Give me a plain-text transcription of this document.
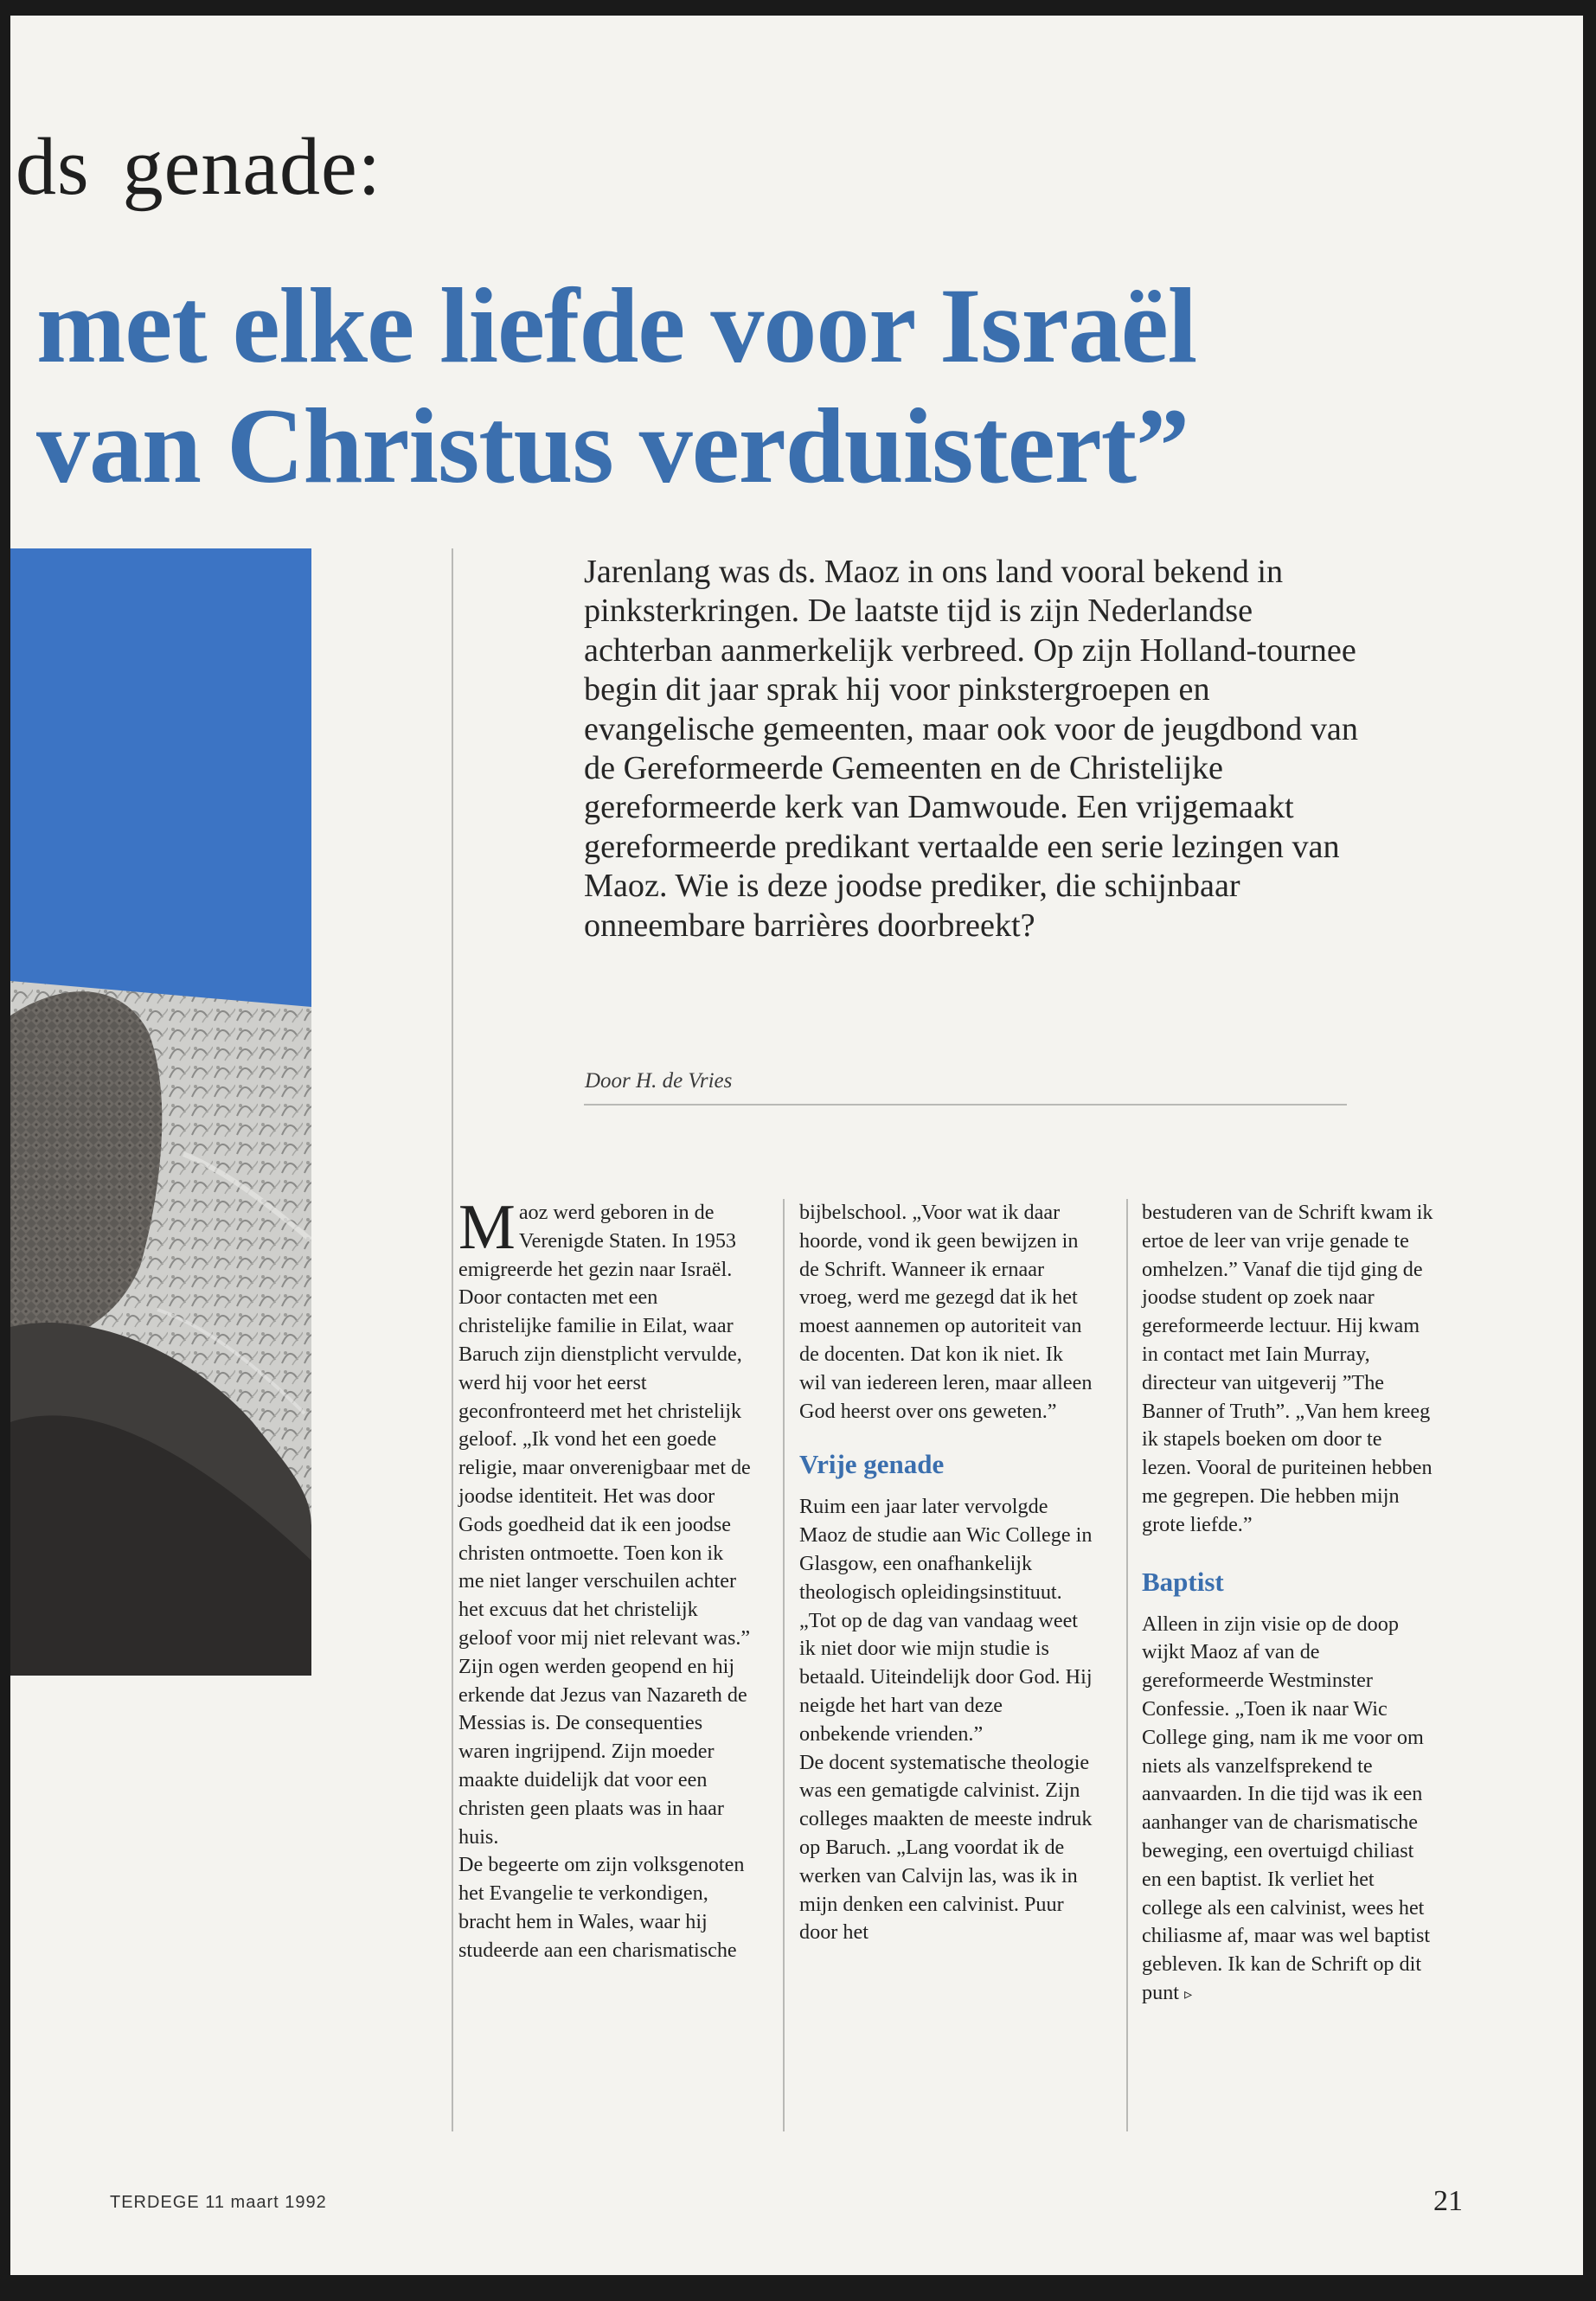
ds genade:
met elke liefde voor Israël
van Christus verduistert”
Jarenlang was ds. Maoz in ons land vooral bekend in pinksterkringen. De laatste tijd is zijn Nederlandse achterban aanmerkelijk verbreed. Op zijn Holland-tournee begin dit jaar sprak hij voor pinkstergroepen en evangelische gemeenten, maar ook voor de jeugdbond van de Gereformeerde Gemeenten en de Christelijke gereformeerde kerk van Damwoude. Een vrijgemaakt gereformeerde predikant vertaalde een serie lezingen van Maoz. Wie is deze joodse prediker, die schijnbaar onneembare barrières doorbreekt?
Door H. de Vries

Maoz werd geboren in de Verenigde Staten. In 1953 emigreerde het gezin naar Israël. Door contacten met een christelijke familie in Eilat, waar Baruch zijn dienstplicht vervulde, werd hij voor het eerst geconfronteerd met het christelijk geloof. „Ik vond het een goede religie, maar onverenigbaar met de joodse identiteit. Het was door Gods goedheid dat ik een joodse christen ontmoette. Toen kon ik me niet langer verschuilen achter het excuus dat het christelijk geloof voor mij niet relevant was.”

Zijn ogen werden geopend en hij erkende dat Jezus van Nazareth de Messias is. De consequenties waren ingrijpend. Zijn moeder maakte duidelijk dat voor een christen geen plaats was in haar huis.

De begeerte om zijn volksgenoten het Evangelie te verkondigen, bracht hem in Wales, waar hij studeerde aan een charismatische

bijbelschool. „Voor wat ik daar hoorde, vond ik geen bewijzen in de Schrift. Wanneer ik ernaar vroeg, werd me gezegd dat ik het moest aannemen op autoriteit van de docenten. Dat kon ik niet. Ik wil van iedereen leren, maar alleen God heerst over ons geweten.”

Vrije genade

Ruim een jaar later vervolgde Maoz de studie aan Wic College in Glasgow, een onafhankelijk theologisch opleidingsinstituut. „Tot op de dag van vandaag weet ik niet door wie mijn studie is betaald. Uiteindelijk door God. Hij neigde het hart van deze onbekende vrienden.”

De docent systematische theologie was een gematigde calvinist. Zijn colleges maakten de meeste indruk op Baruch. „Lang voordat ik de werken van Calvijn las, was ik in mijn denken een calvinist. Puur door het

bestuderen van de Schrift kwam ik ertoe de leer van vrije genade te omhelzen.” Vanaf die tijd ging de joodse student op zoek naar gereformeerde lectuur. Hij kwam in contact met Iain Murray, directeur van uitgeverij ”The Banner of Truth”. „Van hem kreeg ik stapels boeken om door te lezen. Vooral de puriteinen hebben me gegrepen. Die hebben mijn grote liefde.”

Baptist

Alleen in zijn visie op de doop wijkt Maoz af van de gereformeerde Westminster Confessie. „Toen ik naar Wic College ging, nam ik me voor om niets als vanzelfsprekend te aanvaarden. In die tijd was ik een aanhanger van de charismatische beweging, een overtuigd chiliast en een baptist. Ik verliet het college als een calvinist, wees het chiliasme af, maar was wel baptist gebleven. Ik kan de Schrift op dit punt ▹

TERDEGE 11 maart 1992	21
